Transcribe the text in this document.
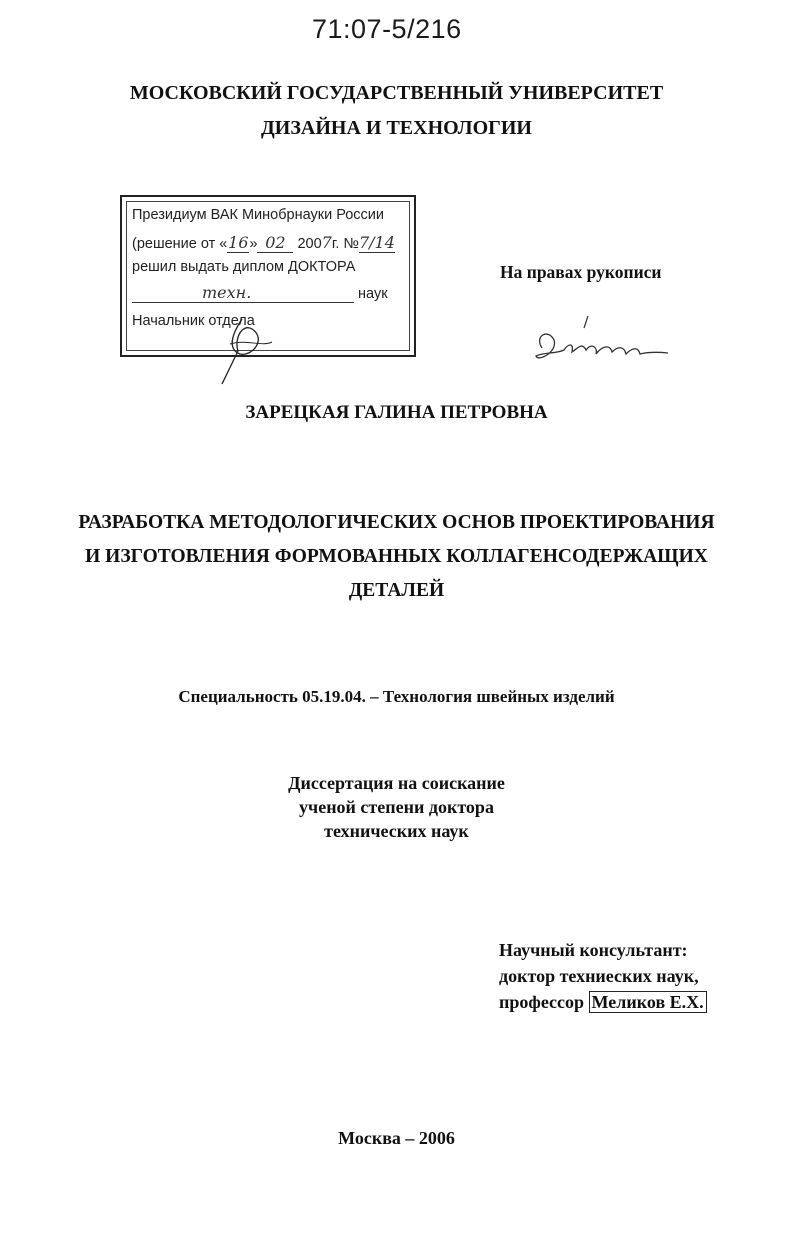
71:07-5/216
МОСКОВСКИЙ ГОСУДАРСТВЕННЫЙ УНИВЕРСИТЕТ
ДИЗАЙНА И ТЕХНОЛОГИИ
Президиум ВАК Минобрнауки России
(решение от «16» 02 2007г. №7/14
решил выдать диплом ДОКТОРА
техн.	наук
Начальник отдела
На правах рукописи
ЗАРЕЦКАЯ ГАЛИНА ПЕТРОВНА
РАЗРАБОТКА МЕТОДОЛОГИЧЕСКИХ ОСНОВ ПРОЕКТИРОВАНИЯ
И ИЗГОТОВЛЕНИЯ ФОРМОВАННЫХ КОЛЛАГЕНСОДЕРЖАЩИХ
ДЕТАЛЕЙ
Специальность 05.19.04. – Технология швейных изделий
Диссертация на соискание
ученой степени доктора
технических наук
Научный консультант:
доктор техниеских наук,
профессор Меликов Е.Х.
Москва – 2006
